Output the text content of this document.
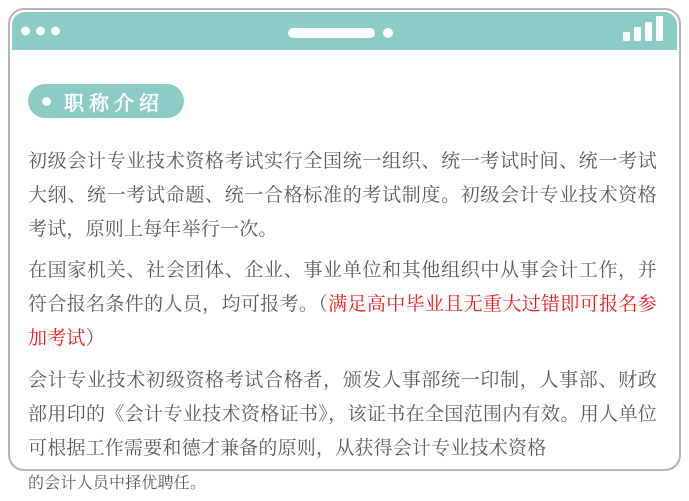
职称介绍

初级会计专业技术资格考试实行全国统一组织、统一考试时间、统一考试大纲、统一考试命题、统一合格标准的考试制度。初级会计专业技术资格考试，原则上每年举行一次。

在国家机关、社会团体、企业、事业单位和其他组织中从事会计工作，并符合报名条件的人员，均可报考。（满足高中毕业且无重大过错即可报名参加考试）

会计专业技术初级资格考试合格者，颁发人事部统一印制，人事部、财政部用印的《会计专业技术资格证书》，该证书在全国范围内有效。用人单位可根据工作需要和德才兼备的原则，从获得会计专业技术资格
的会计人员中择优聘任。
